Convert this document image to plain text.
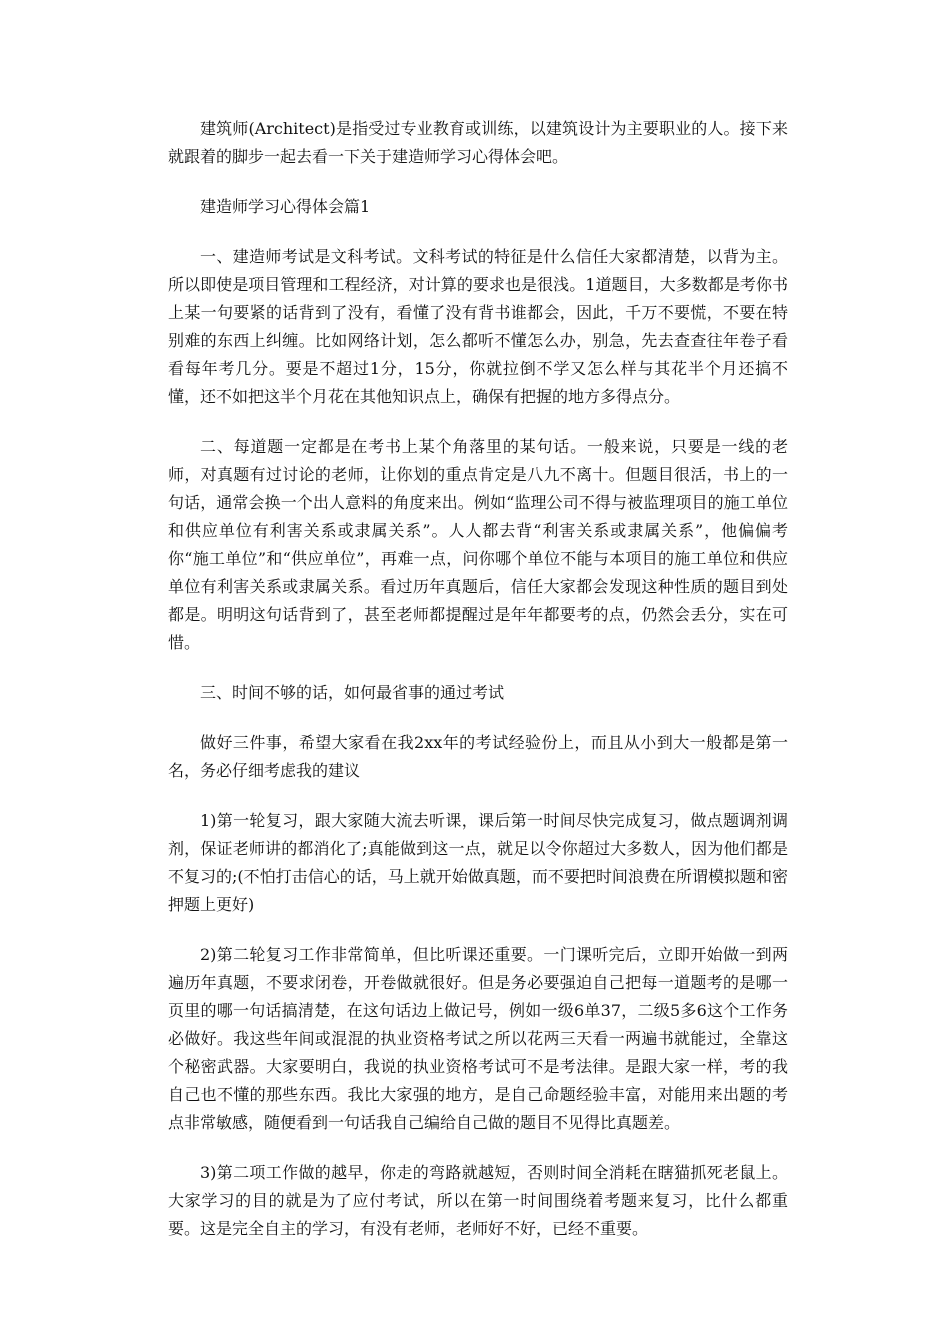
建筑师(Architect)是指受过专业教育或训练，以建筑设计为主要职业的人。接下来就跟着的脚步一起去看一下关于建造师学习心得体会吧。

建造师学习心得体会篇1

一、建造师考试是文科考试。文科考试的特征是什么信任大家都清楚，以背为主。所以即使是项目管理和工程经济，对计算的要求也是很浅。1道题目，大多数都是考你书上某一句要紧的话背到了没有，看懂了没有背书谁都会，因此，千万不要慌，不要在特别难的东西上纠缠。比如网络计划，怎么都听不懂怎么办，别急，先去查查往年卷子看看每年考几分。要是不超过1分，15分，你就拉倒不学又怎么样与其花半个月还搞不懂，还不如把这半个月花在其他知识点上，确保有把握的地方多得点分。

二、每道题一定都是在考书上某个角落里的某句话。一般来说，只要是一线的老师，对真题有过讨论的老师，让你划的重点肯定是八九不离十。但题目很活，书上的一句话，通常会换一个出人意料的角度来出。例如“监理公司不得与被监理项目的施工单位和供应单位有利害关系或隶属关系”。人人都去背“利害关系或隶属关系”，他偏偏考你“施工单位”和“供应单位”，再难一点，问你哪个单位不能与本项目的施工单位和供应单位有利害关系或隶属关系。看过历年真题后，信任大家都会发现这种性质的题目到处都是。明明这句话背到了，甚至老师都提醒过是年年都要考的点，仍然会丢分，实在可惜。

三、时间不够的话，如何最省事的通过考试

做好三件事，希望大家看在我2xx年的考试经验份上，而且从小到大一般都是第一名，务必仔细考虑我的建议

1)第一轮复习，跟大家随大流去听课，课后第一时间尽快完成复习，做点题调剂调剂，保证老师讲的都消化了;真能做到这一点，就足以令你超过大多数人，因为他们都是不复习的;(不怕打击信心的话，马上就开始做真题，而不要把时间浪费在所谓模拟题和密押题上更好)

2)第二轮复习工作非常简单，但比听课还重要。一门课听完后，立即开始做一到两遍历年真题，不要求闭卷，开卷做就很好。但是务必要强迫自己把每一道题考的是哪一页里的哪一句话搞清楚，在这句话边上做记号，例如一级6单37，二级5多6这个工作务必做好。我这些年间或混混的执业资格考试之所以花两三天看一两遍书就能过，全靠这个秘密武器。大家要明白，我说的执业资格考试可不是考法律。是跟大家一样，考的我自己也不懂的那些东西。我比大家强的地方，是自己命题经验丰富，对能用来出题的考点非常敏感，随便看到一句话我自己编给自己做的题目不见得比真题差。

3)第二项工作做的越早，你走的弯路就越短，否则时间全消耗在瞎猫抓死老鼠上。大家学习的目的就是为了应付考试，所以在第一时间围绕着考题来复习，比什么都重要。这是完全自主的学习，有没有老师，老师好不好，已经不重要。
